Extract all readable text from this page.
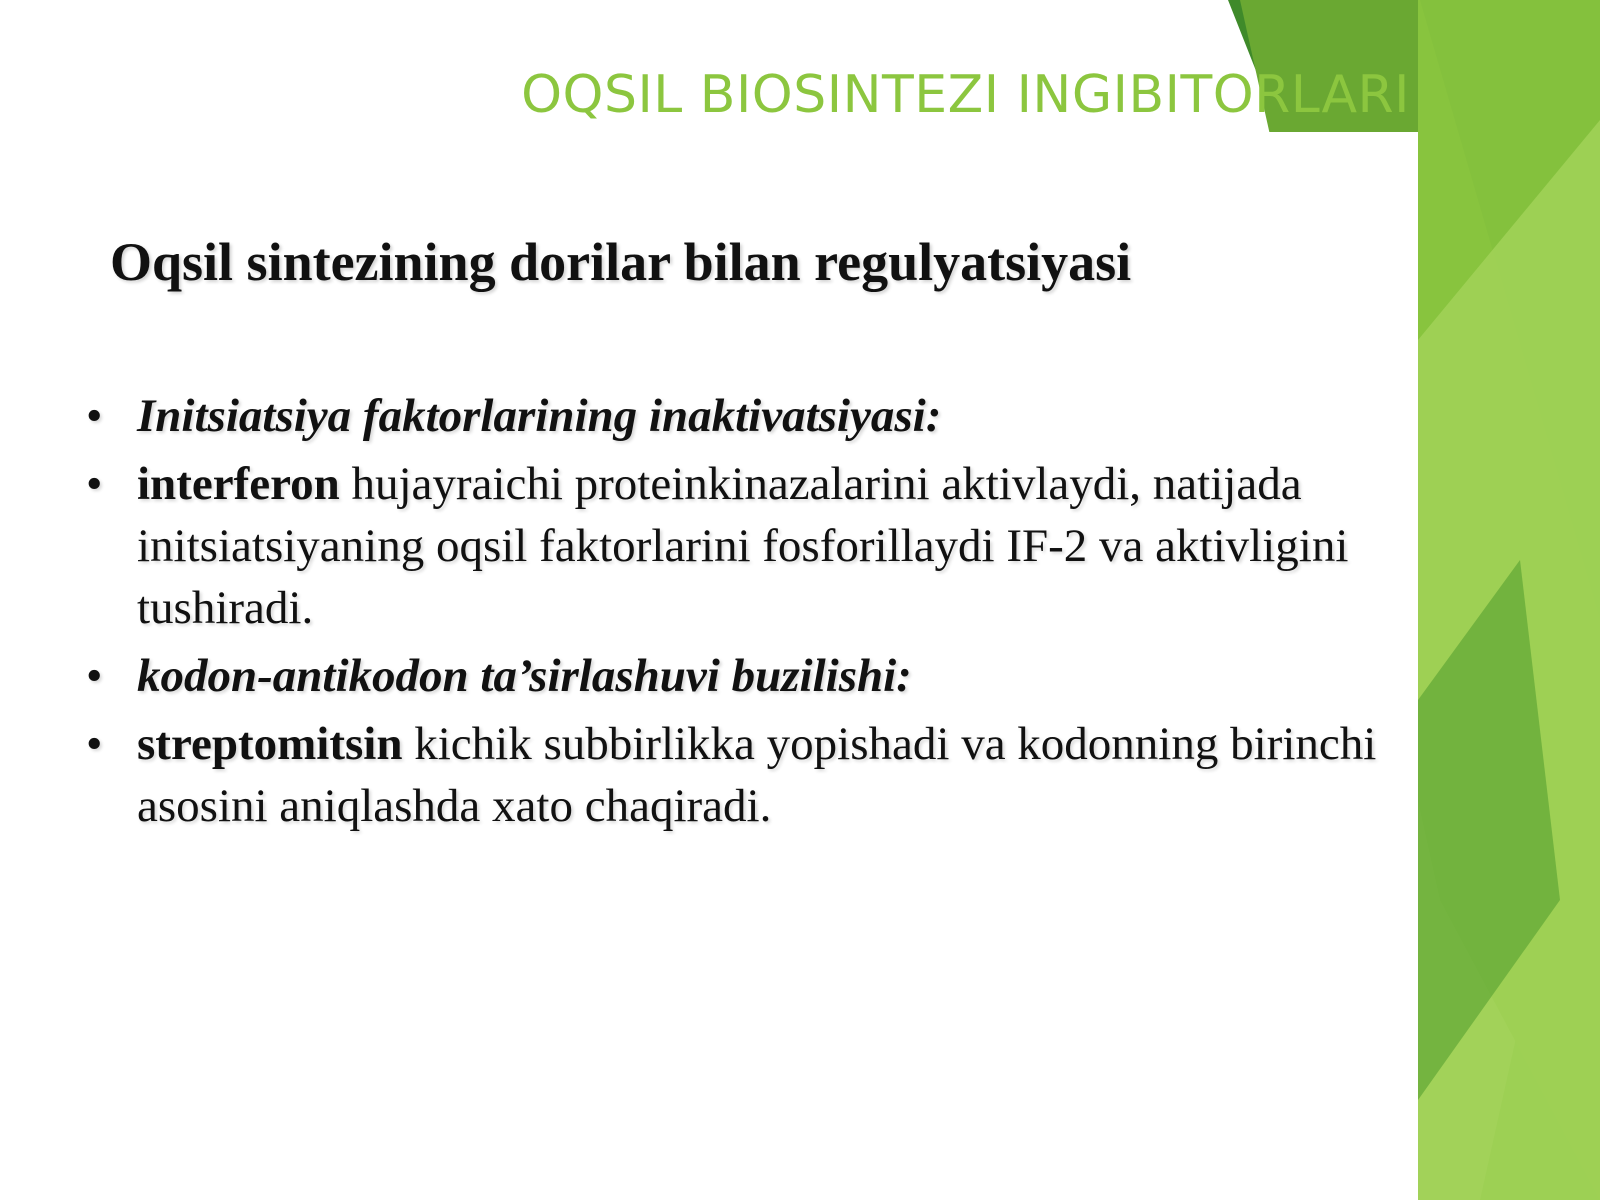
OQSIL BIOSINTEZI INGIBITORLARI
Oqsil sintezining dorilar bilan regulyatsiyasi
• Initsiatsiya faktorlarining inaktivatsiyasi:
• interferon hujayraichi proteinkinazalarini aktivlaydi, natijada initsiatsiyaning oqsil faktorlarini fosforillaydi IF-2 va aktivligini tushiradi.
• kodon-antikodon ta’sirlashuvi buzilishi:
• streptomitsin kichik subbirlikka yopishadi va kodonning birinchi asosini aniqlashda xato chaqiradi.
